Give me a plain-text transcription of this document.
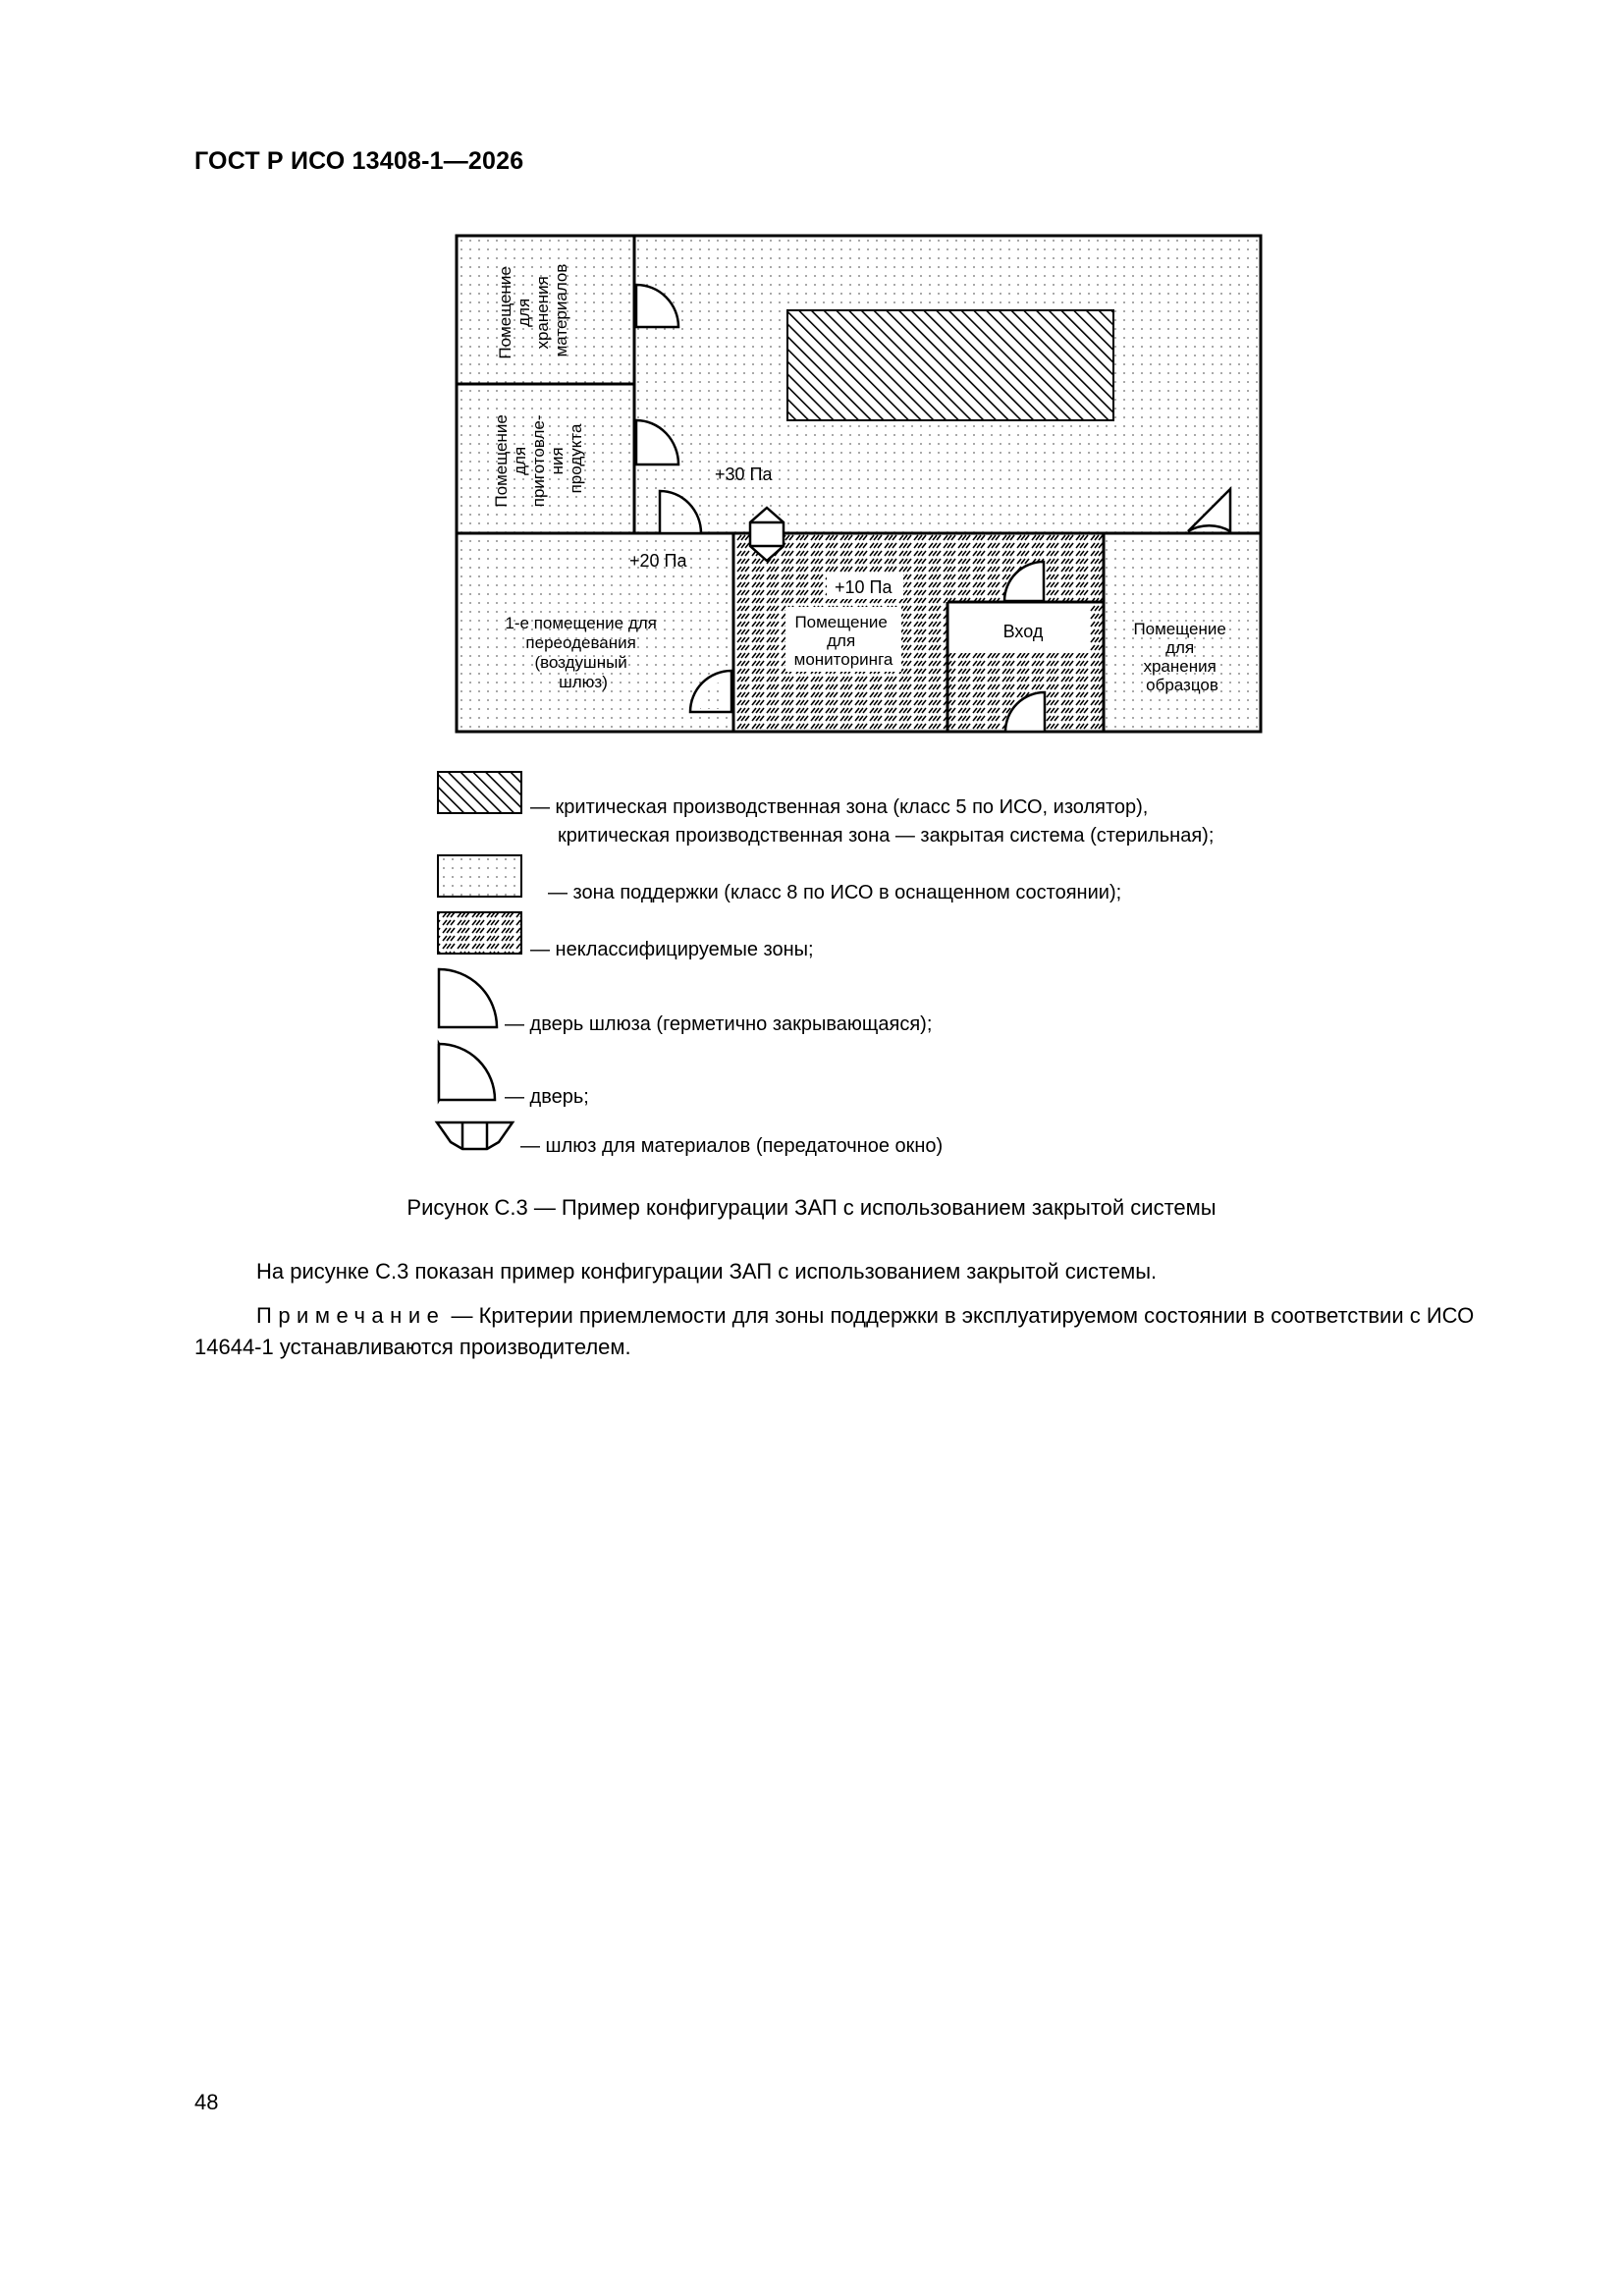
ГОСТ Р ИСО 13408-1—2026
Помещение для хранения материалов
Помещение для приготовле- ния продукта	+30 Па
+20 Па
+10 Па
1-е помещение для переодевания (воздушный шлюз)
Помещение для мониторинга
Вход	Помещение для хранения образцов
— критическая производственная зона (класс 5 по ИСО, изолятор),
критическая производственная зона — закрытая система (стерильная);
— зона поддержки (класс 8 по ИСО в оснащенном состоянии);
— неклассифицируемые зоны;
— дверь шлюза (герметично закрывающаяся);
— дверь;
— шлюз для материалов (передаточное окно)
Рисунок С.3 — Пример конфигурации ЗАП с использованием закрытой системы
На рисунке С.3 показан пример конфигурации ЗАП с использованием закрытой системы.
Примечание — Критерии приемлемости для зоны поддержки в эксплуатируемом состоянии в соответствии с ИСО 14644-1 устанавливаются производителем.
48
